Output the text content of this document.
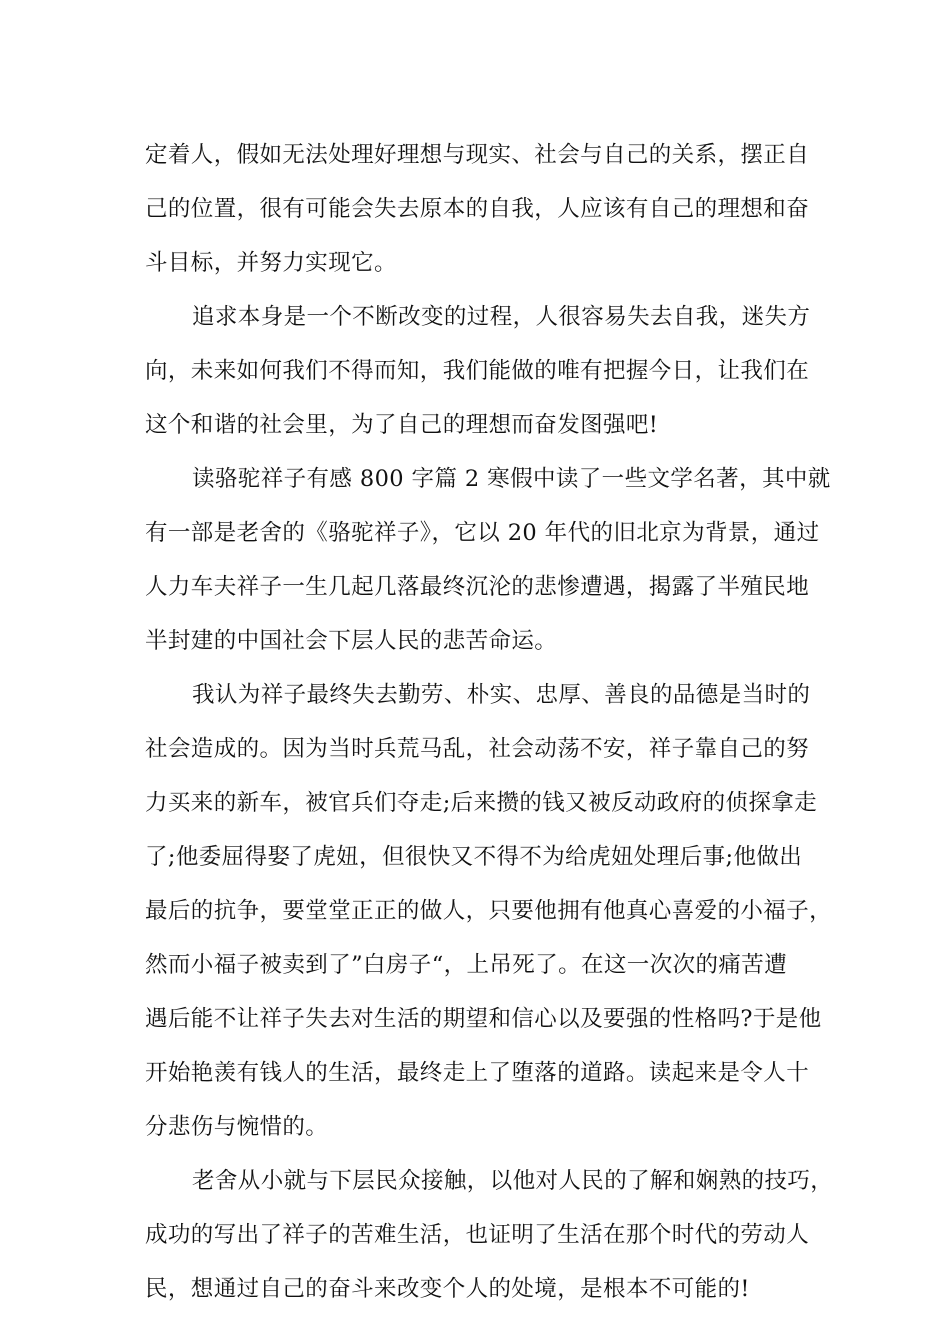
定着人，假如无法处理好理想与现实、社会与自己的关系，摆正自
己的位置，很有可能会失去原本的自我，人应该有自己的理想和奋
斗目标，并努力实现它。
追求本身是一个不断改变的过程，人很容易失去自我，迷失方
向，未来如何我们不得而知，我们能做的唯有把握今日，让我们在
这个和谐的社会里，为了自己的理想而奋发图强吧!
读骆驼祥子有感 800 字篇 2 寒假中读了一些文学名著，其中就
有一部是老舍的《骆驼祥子》，它以 20 年代的旧北京为背景，通过
人力车夫祥子一生几起几落最终沉沦的悲惨遭遇，揭露了半殖民地
半封建的中国社会下层人民的悲苦命运。
我认为祥子最终失去勤劳、朴实、忠厚、善良的品德是当时的
社会造成的。因为当时兵荒马乱，社会动荡不安，祥子靠自己的努
力买来的新车，被官兵们夺走;后来攒的钱又被反动政府的侦探拿走
了;他委屈得娶了虎妞，但很快又不得不为给虎妞处理后事;他做出
最后的抗争，要堂堂正正的做人，只要他拥有他真心喜爱的小福子，
然而小福子被卖到了”白房子“，上吊死了。在这一次次的痛苦遭
遇后能不让祥子失去对生活的期望和信心以及要强的性格吗?于是他
开始艳羡有钱人的生活，最终走上了堕落的道路。读起来是令人十
分悲伤与惋惜的。
老舍从小就与下层民众接触，以他对人民的了解和娴熟的技巧，
成功的写出了祥子的苦难生活，也证明了生活在那个时代的劳动人
民，想通过自己的奋斗来改变个人的处境，是根本不可能的!
